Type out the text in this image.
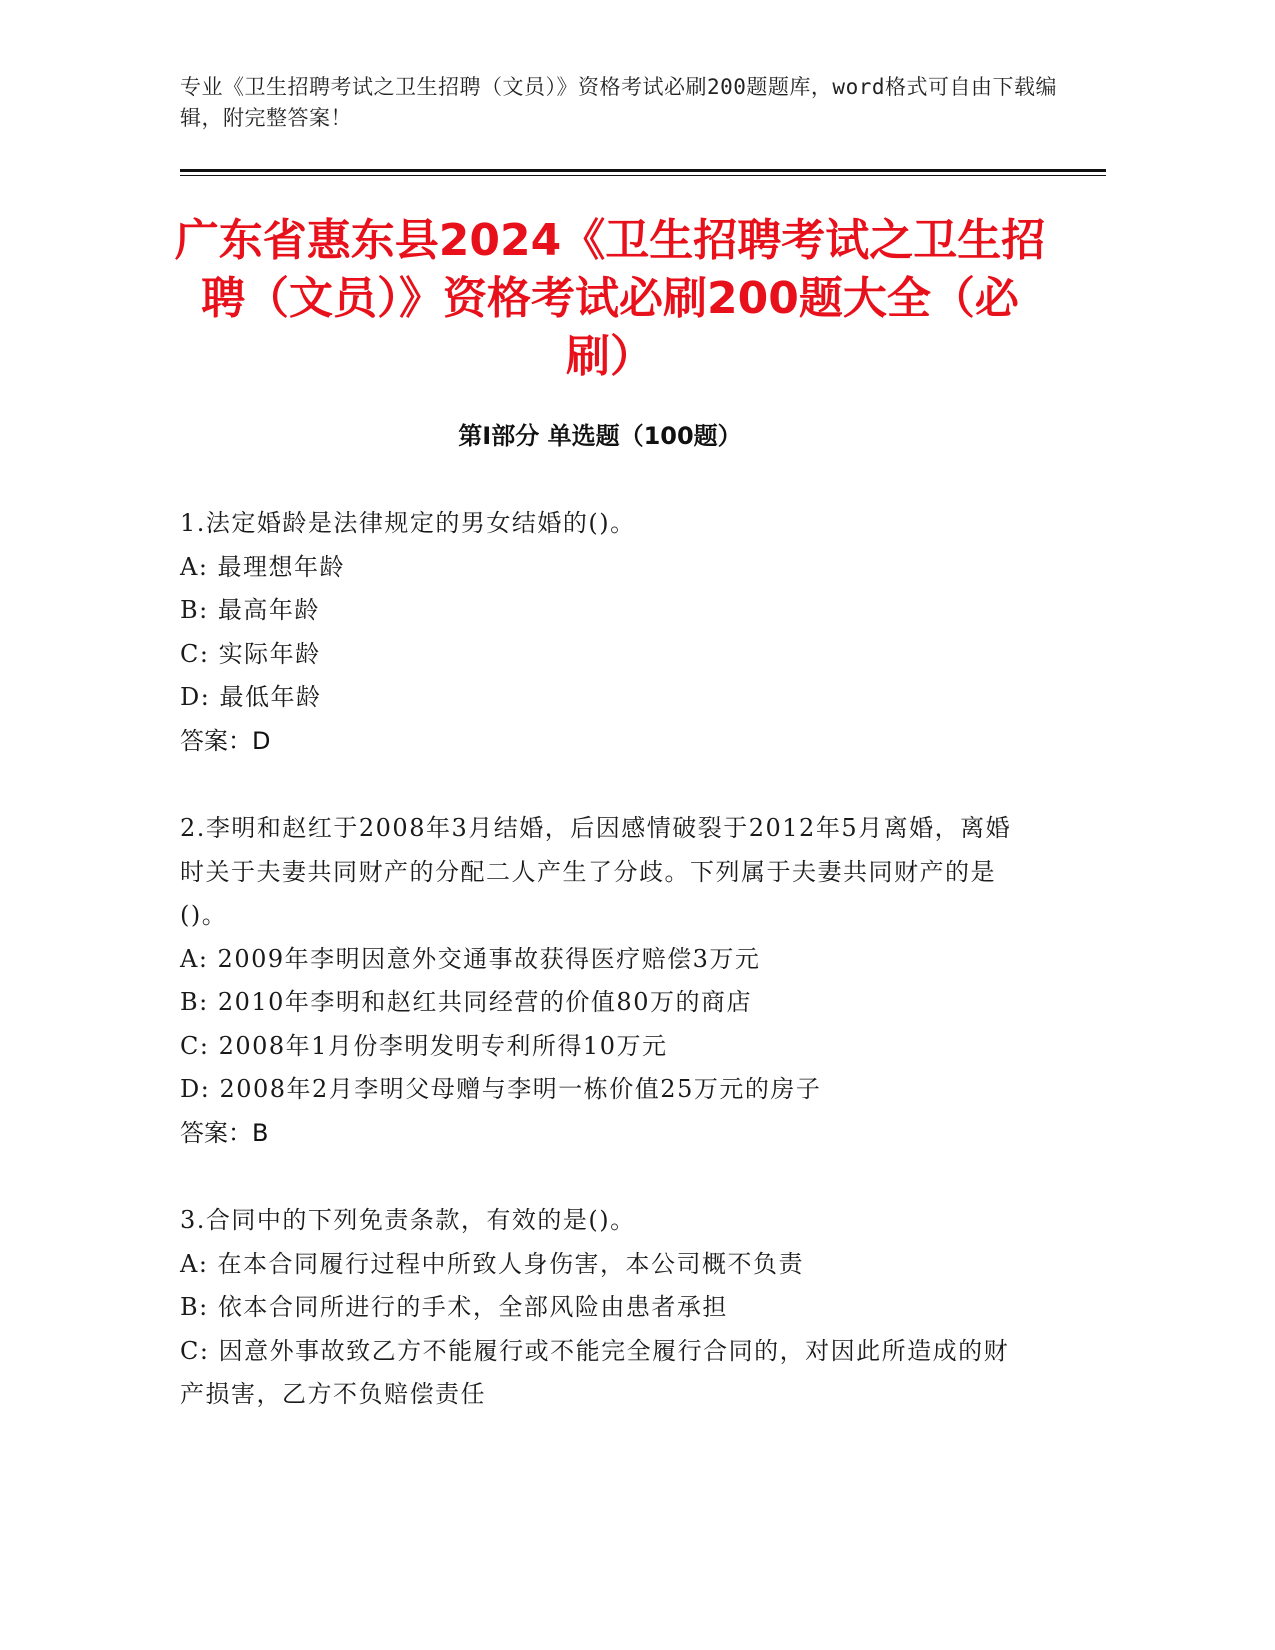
专业《卫生招聘考试之卫生招聘（文员）》资格考试必刷200题题库，word格式可自由下载编辑，附完整答案！
广东省惠东县2024《卫生招聘考试之卫生招聘（文员）》资格考试必刷200题大全（必刷）
第I部分 单选题（100题）

1.法定婚龄是法律规定的男女结婚的()。

A: 最理想年龄

B: 最高年龄

C: 实际年龄

D: 最低年龄

答案：D

2.李明和赵红于2008年3月结婚，后因感情破裂于2012年5月离婚，离婚时关于夫妻共同财产的分配二人产生了分歧。下列属于夫妻共同财产的是()。

A: 2009年李明因意外交通事故获得医疗赔偿3万元

B: 2010年李明和赵红共同经营的价值80万的商店

C: 2008年1月份李明发明专利所得10万元

D: 2008年2月李明父母赠与李明一栋价值25万元的房子

答案：B

3.合同中的下列免责条款，有效的是()。

A: 在本合同履行过程中所致人身伤害，本公司概不负责

B: 依本合同所进行的手术，全部风险由患者承担

C: 因意外事故致乙方不能履行或不能完全履行合同的，对因此所造成的财产损害，乙方不负赔偿责任
